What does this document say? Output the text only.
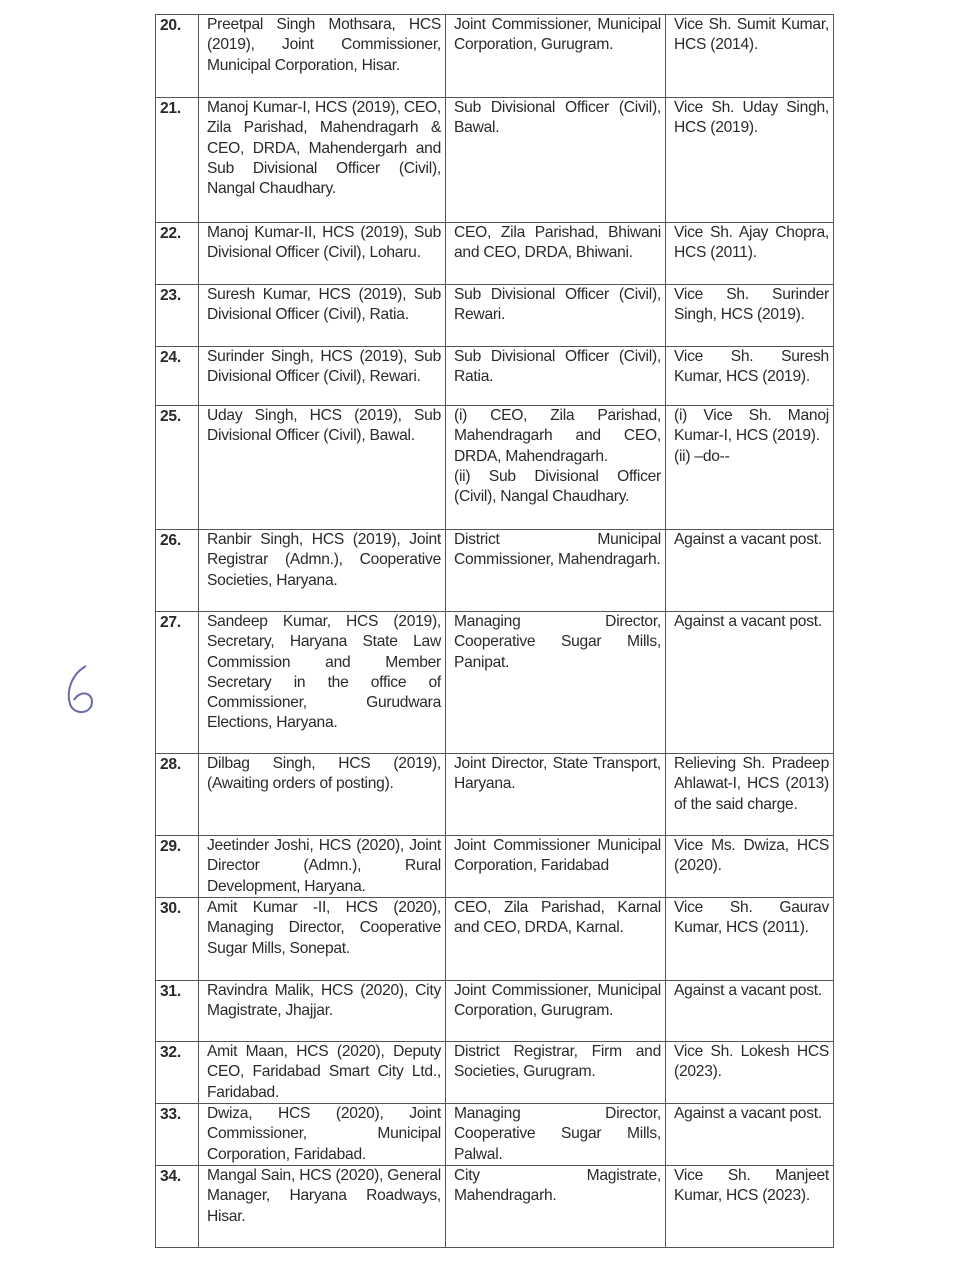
20.	Preetpal Singh Mothsara, HCS (2019), Joint Commissioner, Municipal Corporation, Hisar.	Joint Commissioner, Municipal Corporation, Gurugram.	Vice Sh. Sumit Kumar, HCS (2014).

21.	Manoj Kumar-I, HCS (2019), CEO, Zila Parishad, Mahendragarh & CEO, DRDA, Mahendergarh and Sub Divisional Officer (Civil), Nangal Chaudhary.	Sub Divisional Officer (Civil), Bawal.	Vice Sh. Uday Singh, HCS (2019).

22.	Manoj Kumar-II, HCS (2019), Sub Divisional Officer (Civil), Loharu.	CEO, Zila Parishad, Bhiwani and CEO, DRDA, Bhiwani.	Vice Sh. Ajay Chopra, HCS (2011).

23.	Suresh Kumar, HCS (2019), Sub Divisional Officer (Civil), Ratia.	Sub Divisional Officer (Civil), Rewari.	Vice Sh. Surinder Singh, HCS (2019).

24.	Surinder Singh, HCS (2019), Sub Divisional Officer (Civil), Rewari.	Sub Divisional Officer (Civil), Ratia.	Vice Sh. Suresh Kumar, HCS (2019).

25.	Uday Singh, HCS (2019), Sub Divisional Officer (Civil), Bawal.	(i) CEO, Zila Parishad, Mahendragarh and CEO, DRDA, Mahendragarh.
(ii) Sub Divisional Officer (Civil), Nangal Chaudhary.	(i) Vice Sh. Manoj Kumar-I, HCS (2019).
(ii) –do--

26.	Ranbir Singh, HCS (2019), Joint Registrar (Admn.), Cooperative Societies, Haryana.	District Municipal Commissioner, Mahendragarh.	Against a vacant post.

27.	Sandeep Kumar, HCS (2019), Secretary, Haryana State Law Commission and Member Secretary in the office of Commissioner, Gurudwara Elections, Haryana.	Managing Director, Cooperative Sugar Mills, Panipat.	Against a vacant post.

28.	Dilbag Singh, HCS (2019), (Awaiting orders of posting).	Joint Director, State Transport, Haryana.	Relieving Sh. Pradeep Ahlawat-I, HCS (2013) of the said charge.

29.	Jeetinder Joshi, HCS (2020), Joint Director (Admn.), Rural Development, Haryana.	Joint Commissioner Municipal Corporation, Faridabad	Vice Ms. Dwiza, HCS (2020).

30.	Amit Kumar -II, HCS (2020), Managing Director, Cooperative Sugar Mills, Sonepat.	CEO, Zila Parishad, Karnal and CEO, DRDA, Karnal.	Vice Sh. Gaurav Kumar, HCS (2011).

31.	Ravindra Malik, HCS (2020), City Magistrate, Jhajjar.	Joint Commissioner, Municipal Corporation, Gurugram.	Against a vacant post.

32.	Amit Maan, HCS (2020), Deputy CEO, Faridabad Smart City Ltd., Faridabad.	District Registrar, Firm and Societies, Gurugram.	Vice Sh. Lokesh HCS (2023).

33.	Dwiza, HCS (2020), Joint Commissioner, Municipal Corporation, Faridabad.	Managing Director, Cooperative Sugar Mills, Palwal.	Against a vacant post.

34.	Mangal Sain, HCS (2020), General Manager, Haryana Roadways, Hisar.	City Magistrate, Mahendragarh.	Vice Sh. Manjeet Kumar, HCS (2023).
